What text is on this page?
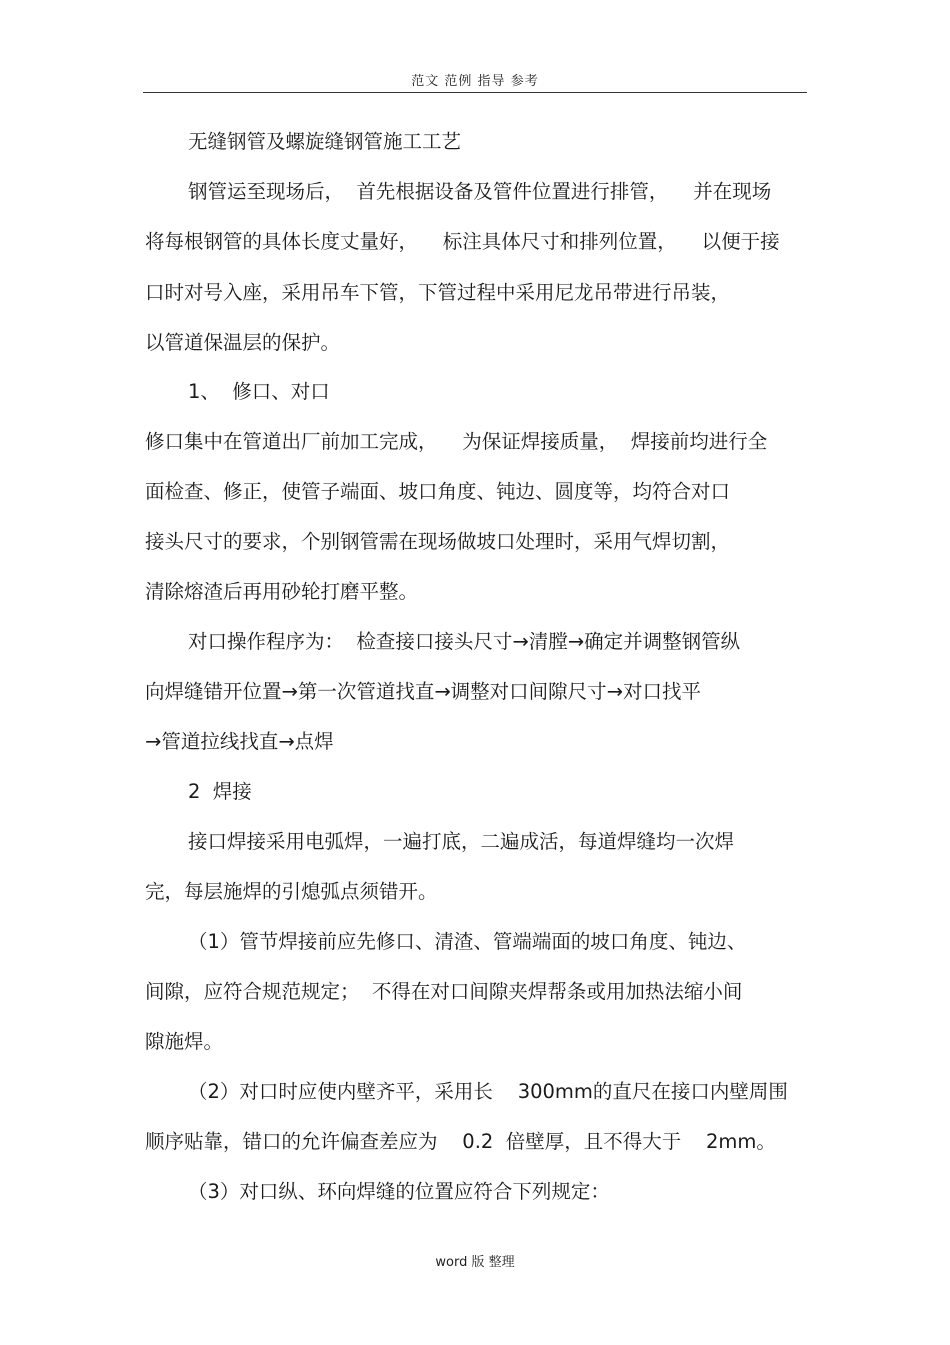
范文 范例 指导 参考
无缝钢管及螺旋缝钢管施工工艺
钢管运至现场后，  首先根据设备及管件位置进行排管，    并在现场
将每根钢管的具体长度丈量好，    标注具体尺寸和排列位置，    以便于接
口时对号入座，采用吊车下管，下管过程中采用尼龙吊带进行吊装，
以管道保温层的保护。
1、  修口、对口
修口集中在管道出厂前加工完成，    为保证焊接质量，  焊接前均进行全
面检查、修正，使管子端面、坡口角度、钝边、圆度等，均符合对口
接头尺寸的要求，个别钢管需在现场做坡口处理时，采用气焊切割，
清除熔渣后再用砂轮打磨平整。
对口操作程序为：  检查接口接头尺寸→清膛→确定并调整钢管纵
向焊缝错开位置→第一次管道找直→调整对口间隙尺寸→对口找平
→管道拉线找直→点焊
2  焊接
接口焊接采用电弧焊，一遍打底，二遍成活，每道焊缝均一次焊
完，每层施焊的引熄弧点须错开。
（1）管节焊接前应先修口、清渣、管端端面的坡口角度、钝边、
间隙，应符合规范规定；  不得在对口间隙夹焊帮条或用加热法缩小间
隙施焊。
（2）对口时应使内壁齐平，采用长    300mm的直尺在接口内壁周围
顺序贴靠，错口的允许偏查差应为    0.2  倍壁厚，且不得大于    2mm。
（3）对口纵、环向焊缝的位置应符合下列规定：
word 版 整理
